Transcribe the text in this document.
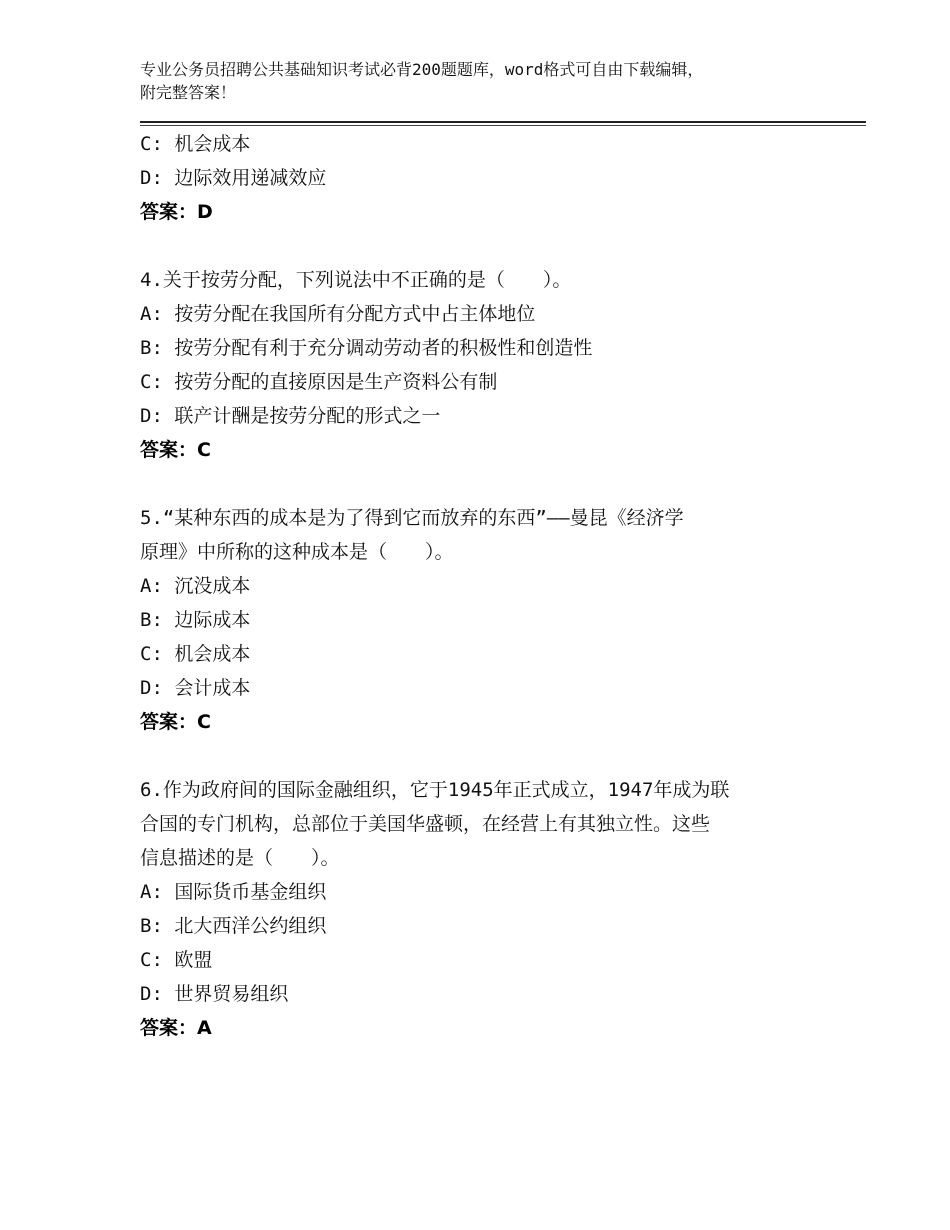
专业公务员招聘公共基础知识考试必背200题题库，word格式可自由下载编辑，
附完整答案！
C: 机会成本
D: 边际效用递减效应
答案：D
4.关于按劳分配，下列说法中不正确的是（　　）。
A: 按劳分配在我国所有分配方式中占主体地位
B: 按劳分配有利于充分调动劳动者的积极性和创造性
C: 按劳分配的直接原因是生产资料公有制
D: 联产计酬是按劳分配的形式之一
答案：C
5.“某种东西的成本是为了得到它而放弃的东西”——曼昆《经济学
原理》中所称的这种成本是（　　）。
A: 沉没成本
B: 边际成本
C: 机会成本
D: 会计成本
答案：C
6.作为政府间的国际金融组织，它于1945年正式成立，1947年成为联
合国的专门机构，总部位于美国华盛顿，在经营上有其独立性。这些
信息描述的是（　　）。
A: 国际货币基金组织
B: 北大西洋公约组织
C: 欧盟
D: 世界贸易组织
答案：A
